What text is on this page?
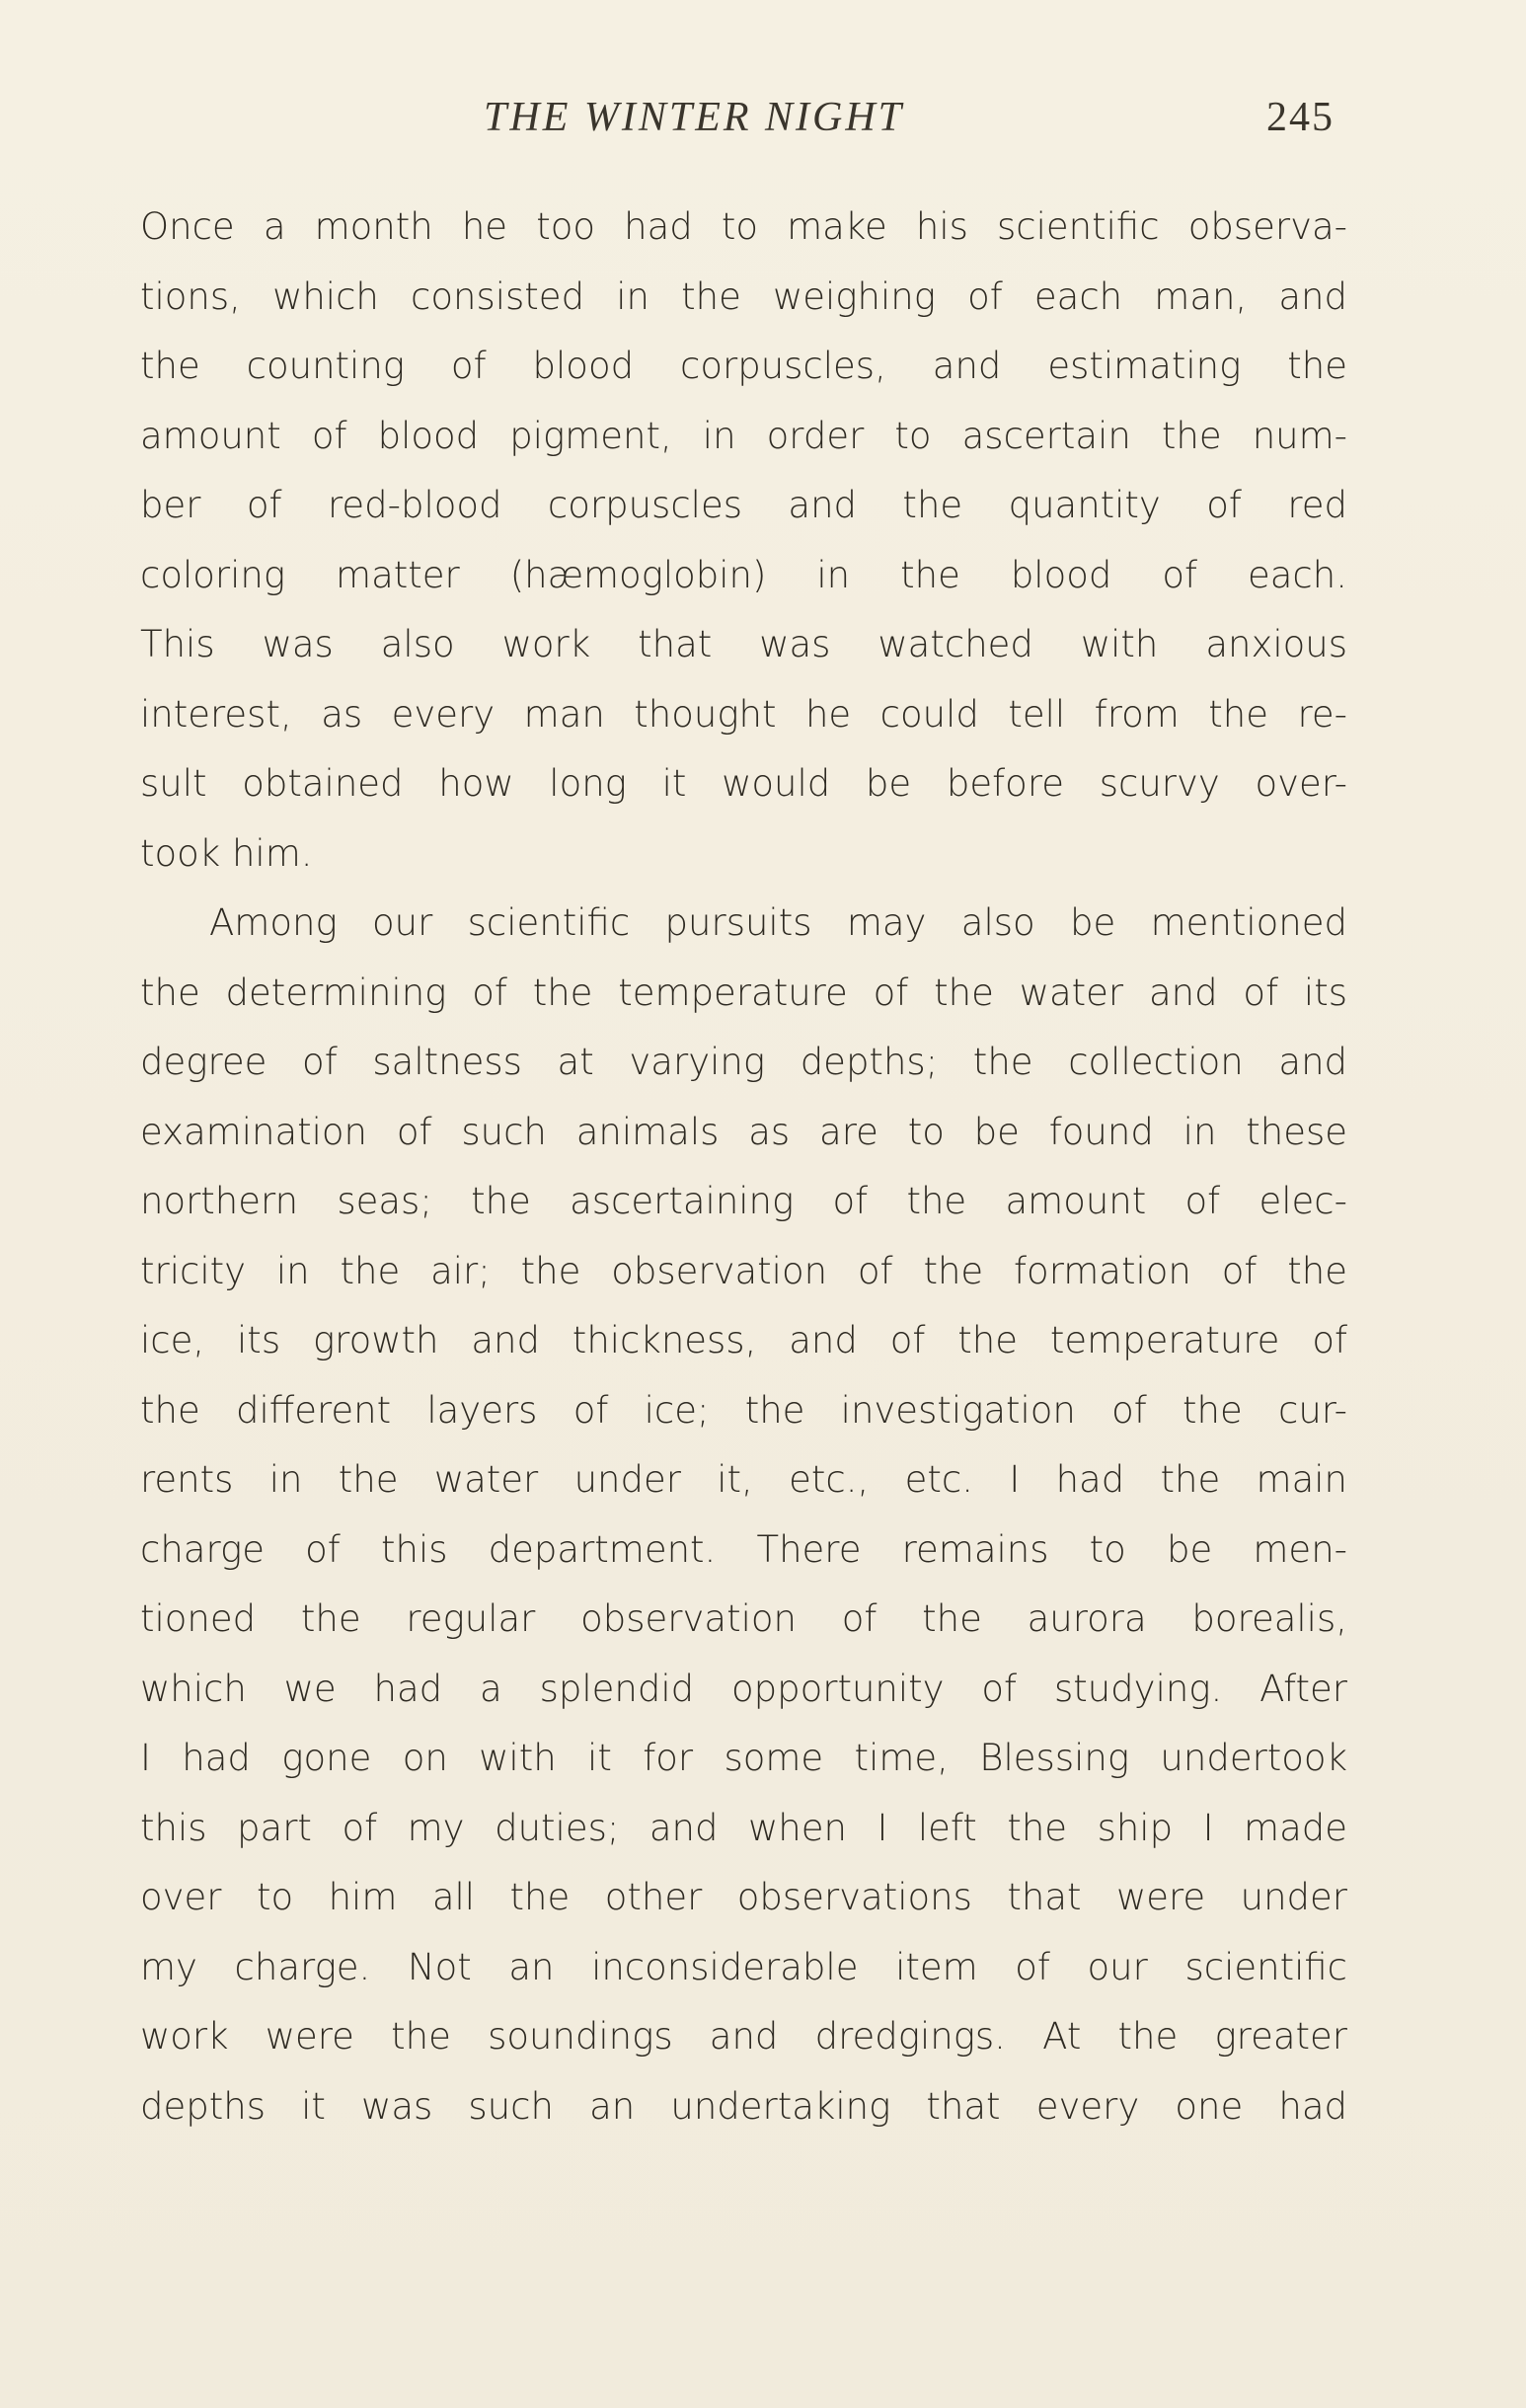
THE WINTER NIGHT	245
Once a month he too had to make his scientific observa-
tions, which consisted in the weighing of each man, and
the counting of blood corpuscles, and estimating the
amount of blood pigment, in order to ascertain the num-
ber of red-blood corpuscles and the quantity of red
coloring matter (hæmoglobin) in the blood of each.
This was also work that was watched with anxious
interest, as every man thought he could tell from the re-
sult obtained how long it would be before scurvy over-
took him.
Among our scientific pursuits may also be mentioned
the determining of the temperature of the water and of its
degree of saltness at varying depths; the collection and
examination of such animals as are to be found in these
northern seas; the ascertaining of the amount of elec-
tricity in the air; the observation of the formation of the
ice, its growth and thickness, and of the temperature of
the different layers of ice; the investigation of the cur-
rents in the water under it, etc., etc. I had the main
charge of this department. There remains to be men-
tioned the regular observation of the aurora borealis,
which we had a splendid opportunity of studying. After
I had gone on with it for some time, Blessing undertook
this part of my duties; and when I left the ship I made
over to him all the other observations that were under
my charge. Not an inconsiderable item of our scientific
work were the soundings and dredgings. At the greater
depths it was such an undertaking that every one had
